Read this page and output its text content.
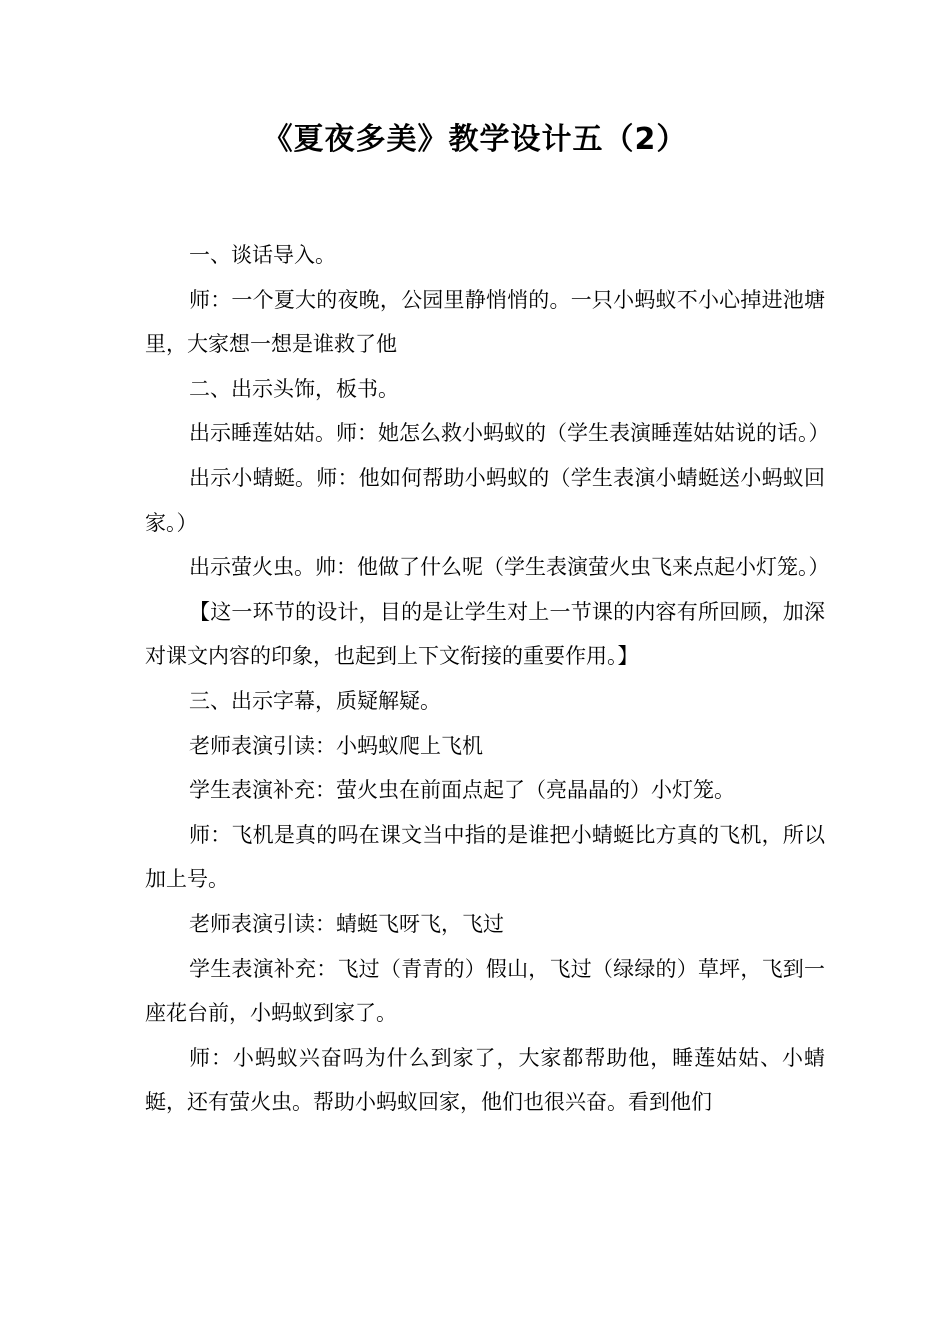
《夏夜多美》教学设计五（2）

一、谈话导入。

师：一个夏大的夜晚，公园里静悄悄的。一只小蚂蚁不小心掉进池塘里，大家想一想是谁救了他

二、出示头饰，板书。

出示睡莲姑姑。师：她怎么救小蚂蚁的（学生表演睡莲姑姑说的话。）

出示小蜻蜓。师：他如何帮助小蚂蚁的（学生表演小蜻蜓送小蚂蚁回家。）

出示萤火虫。帅：他做了什么呢（学生表演萤火虫飞来点起小灯笼。）

【这一环节的设计，目的是让学生对上一节课的内容有所回顾，加深对课文内容的印象，也起到上下文衔接的重要作用。】

三、出示字幕，质疑解疑。

老师表演引读：小蚂蚁爬上飞机

学生表演补充：萤火虫在前面点起了（亮晶晶的）小灯笼。

师：飞机是真的吗在课文当中指的是谁把小蜻蜓比方真的飞机，所以加上号。

老师表演引读：蜻蜓飞呀飞，飞过

学生表演补充：飞过（青青的）假山，飞过（绿绿的）草坪，飞到一座花台前，小蚂蚁到家了。

师：小蚂蚁兴奋吗为什么到家了，大家都帮助他，睡莲姑姑、小蜻蜓，还有萤火虫。帮助小蚂蚁回家，他们也很兴奋。看到他们
